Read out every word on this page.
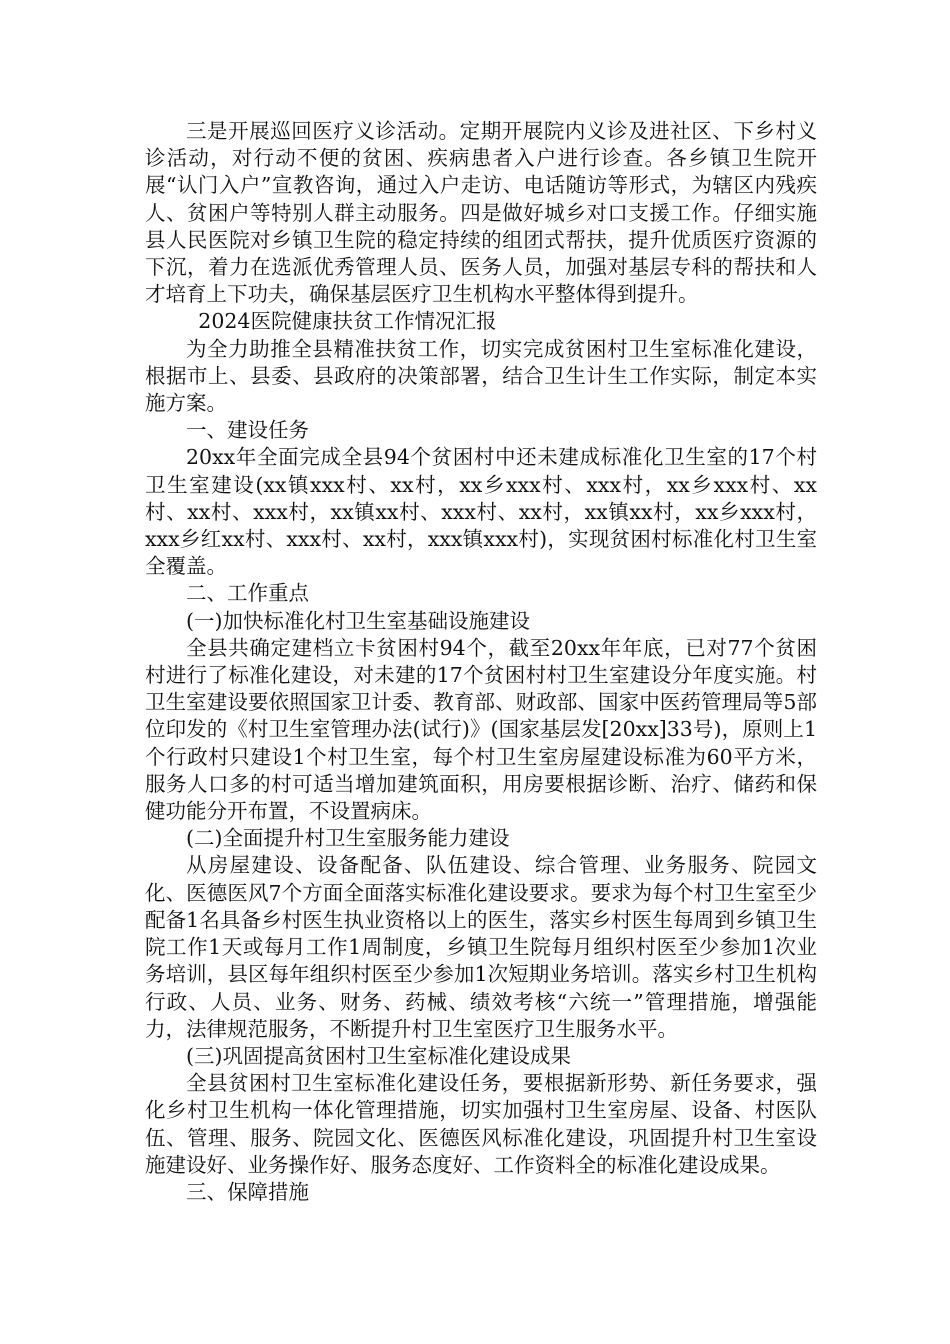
三是开展巡回医疗义诊活动。定期开展院内义诊及进社区、下乡村义诊活动，对行动不便的贫困、疾病患者入户进行诊查。各乡镇卫生院开展“认门入户”宣教咨询，通过入户走访、电话随访等形式，为辖区内残疾人、贫困户等特别人群主动服务。四是做好城乡对口支援工作。仔细实施县人民医院对乡镇卫生院的稳定持续的组团式帮扶，提升优质医疗资源的下沉，着力在选派优秀管理人员、医务人员，加强对基层专科的帮扶和人才培育上下功夫，确保基层医疗卫生机构水平整体得到提升。

2024医院健康扶贫工作情况汇报

为全力助推全县精准扶贫工作，切实完成贫困村卫生室标准化建设，根据市上、县委、县政府的决策部署，结合卫生计生工作实际，制定本实施方案。

一、建设任务

20xx年全面完成全县94个贫困村中还未建成标准化卫生室的17个村卫生室建设(xx镇xxx村、xx村，xx乡xxx村、xxx村，xx乡xxx村、xx村、xx村、xxx村，xx镇xx村、xxx村、xx村，xx镇xx村，xx乡xxx村，xxx乡红xx村、xxx村、xx村，xxx镇xxx村)，实现贫困村标准化村卫生室全覆盖。

二、工作重点

(一)加快标准化村卫生室基础设施建设

全县共确定建档立卡贫困村94个，截至20xx年年底，已对77个贫困村进行了标准化建设，对未建的17个贫困村村卫生室建设分年度实施。村卫生室建设要依照国家卫计委、教育部、财政部、国家中医药管理局等5部位印发的《村卫生室管理办法(试行)》(国家基层发[20xx]33号)，原则上1个行政村只建设1个村卫生室，每个村卫生室房屋建设标准为60平方米，服务人口多的村可适当增加建筑面积，用房要根据诊断、治疗、储药和保健功能分开布置，不设置病床。

(二)全面提升村卫生室服务能力建设

从房屋建设、设备配备、队伍建设、综合管理、业务服务、院园文化、医德医风7个方面全面落实标准化建设要求。要求为每个村卫生室至少配备1名具备乡村医生执业资格以上的医生，落实乡村医生每周到乡镇卫生院工作1天或每月工作1周制度，乡镇卫生院每月组织村医至少参加1次业务培训，县区每年组织村医至少参加1次短期业务培训。落实乡村卫生机构行政、人员、业务、财务、药械、绩效考核“六统一”管理措施，增强能力，法律规范服务，不断提升村卫生室医疗卫生服务水平。

(三)巩固提高贫困村卫生室标准化建设成果

全县贫困村卫生室标准化建设任务，要根据新形势、新任务要求，强化乡村卫生机构一体化管理措施，切实加强村卫生室房屋、设备、村医队伍、管理、服务、院园文化、医德医风标准化建设，巩固提升村卫生室设施建设好、业务操作好、服务态度好、工作资料全的标准化建设成果。

三、保障措施
